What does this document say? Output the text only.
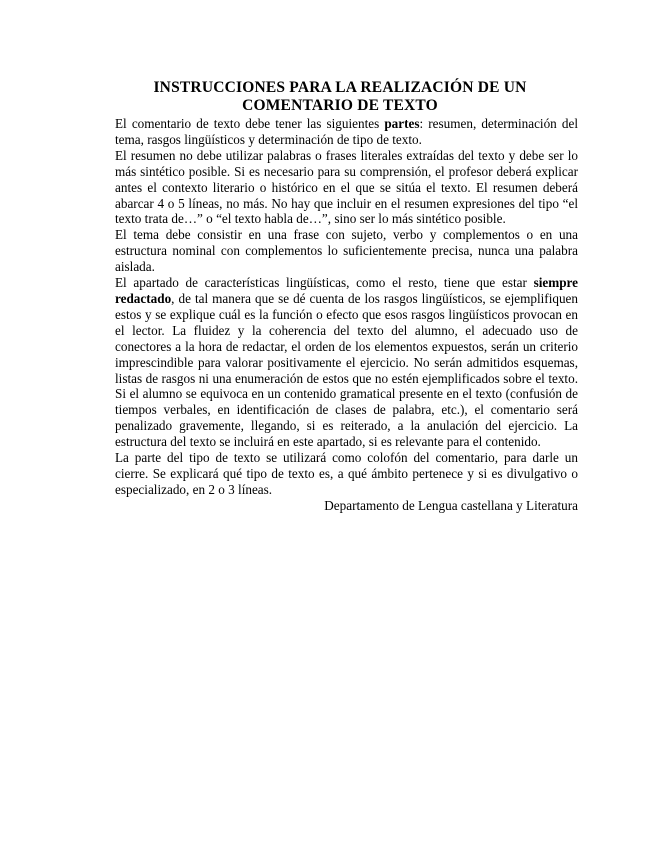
INSTRUCCIONES PARA LA REALIZACIÓN DE UN
COMENTARIO DE TEXTO

El comentario de texto debe tener las siguientes partes: resumen, determinación del tema, rasgos lingüísticos y determinación de tipo de texto.

El resumen no debe utilizar palabras o frases literales extraídas del texto y debe ser lo más sintético posible. Si es necesario para su comprensión, el profesor deberá explicar antes el contexto literario o histórico en el que se sitúa el texto. El resumen deberá abarcar 4 o 5 líneas, no más. No hay que incluir en el resumen expresiones del tipo “el texto trata de…” o “el texto habla de…”, sino ser lo más sintético posible.

El tema debe consistir en una frase con sujeto, verbo y complementos o en una estructura nominal con complementos lo suficientemente precisa, nunca una palabra aislada.

El apartado de características lingüísticas, como el resto, tiene que estar siempre redactado, de tal manera que se dé cuenta de los rasgos lingüísticos, se ejemplifiquen estos y se explique cuál es la función o efecto que esos rasgos lingüísticos provocan en el lector. La fluidez y la coherencia del texto del alumno, el adecuado uso de conectores a la hora de redactar, el orden de los elementos expuestos, serán un criterio imprescindible para valorar positivamente el ejercicio. No serán admitidos esquemas, listas de rasgos ni una enumeración de estos que no estén ejemplificados sobre el texto. Si el alumno se equivoca en un contenido gramatical presente en el texto (confusión de tiempos verbales, en identificación de clases de palabra, etc.), el comentario será penalizado gravemente, llegando, si es reiterado, a la anulación del ejercicio. La estructura del texto se incluirá en este apartado, si es relevante para el contenido.

La parte del tipo de texto se utilizará como colofón del comentario, para darle un cierre. Se explicará qué tipo de texto es, a qué ámbito pertenece y si es divulgativo o especializado, en 2 o 3 líneas.

Departamento de Lengua castellana y Literatura
